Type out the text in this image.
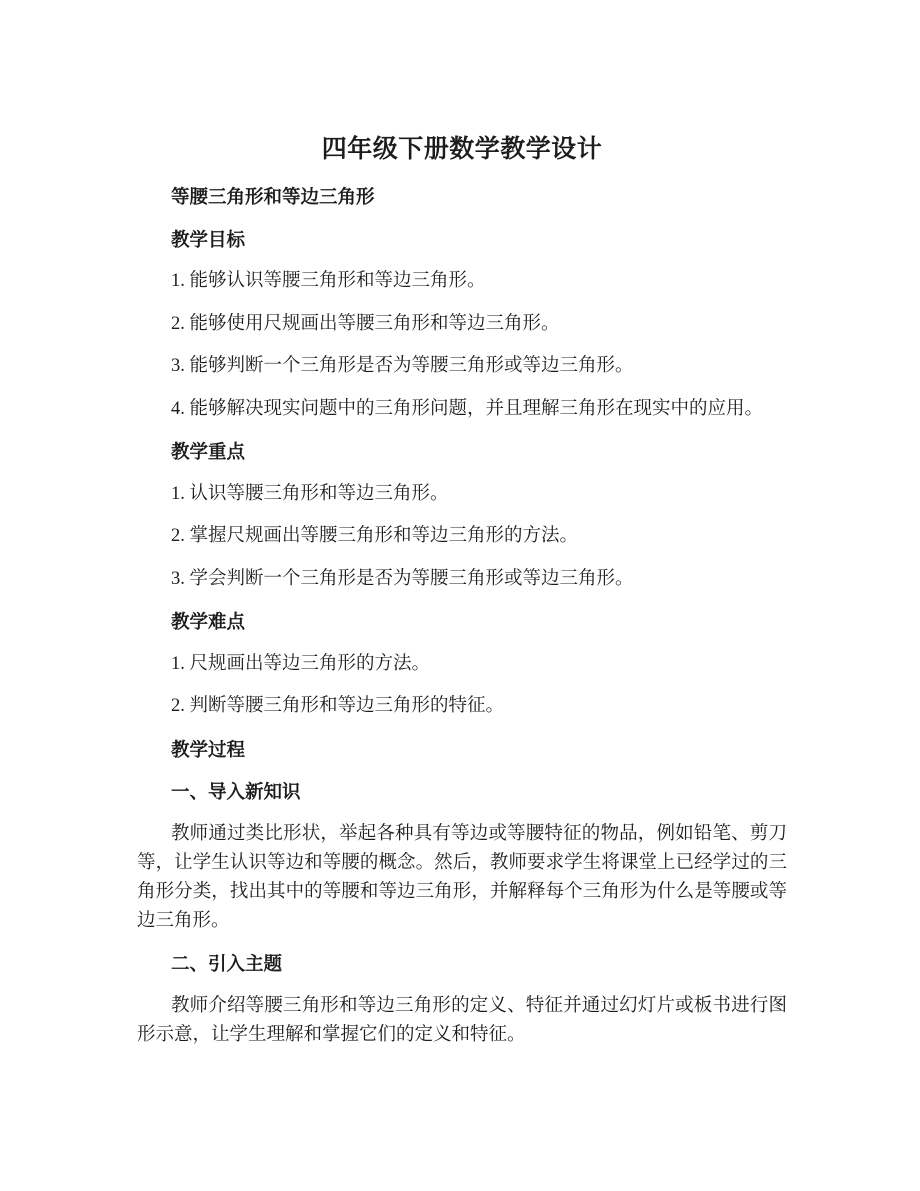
四年级下册数学教学设计

等腰三角形和等边三角形

教学目标

1. 能够认识等腰三角形和等边三角形。

2. 能够使用尺规画出等腰三角形和等边三角形。

3. 能够判断一个三角形是否为等腰三角形或等边三角形。

4. 能够解决现实问题中的三角形问题，并且理解三角形在现实中的应用。

教学重点

1. 认识等腰三角形和等边三角形。

2. 掌握尺规画出等腰三角形和等边三角形的方法。

3. 学会判断一个三角形是否为等腰三角形或等边三角形。

教学难点

1. 尺规画出等边三角形的方法。

2. 判断等腰三角形和等边三角形的特征。

教学过程

一、导入新知识

教师通过类比形状，举起各种具有等边或等腰特征的物品，例如铅笔、剪刀等，让学生认识等边和等腰的概念。然后，教师要求学生将课堂上已经学过的三角形分类，找出其中的等腰和等边三角形，并解释每个三角形为什么是等腰或等边三角形。

二、引入主题

教师介绍等腰三角形和等边三角形的定义、特征并通过幻灯片或板书进行图形示意，让学生理解和掌握它们的定义和特征。
